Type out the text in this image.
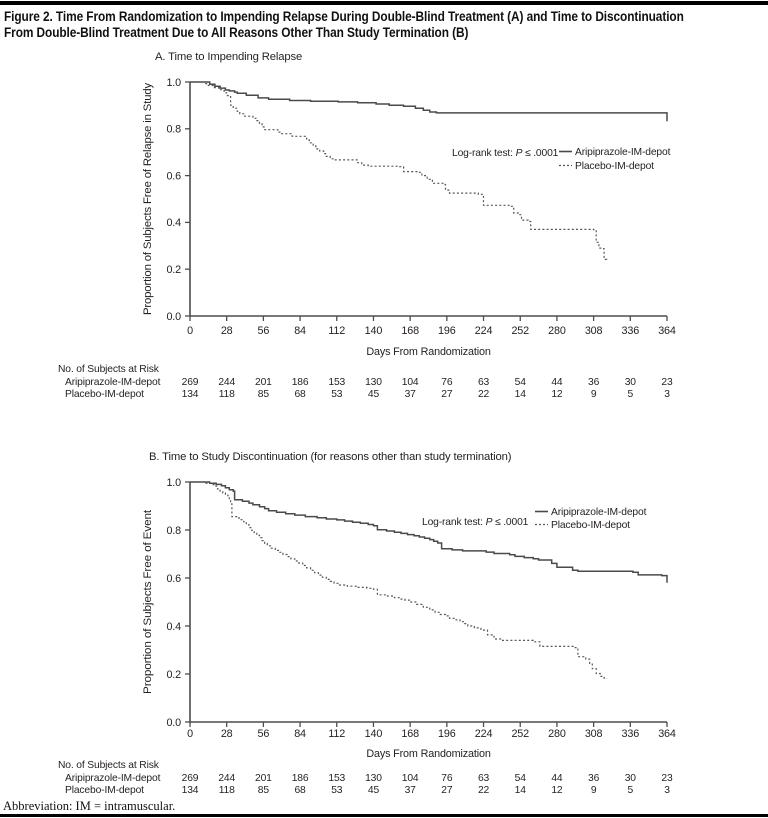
Figure 2. Time From Randomization to Impending Relapse During Double-Blind Treatment (A) and Time to Discontinuation
From Double-Blind Treatment Due to All Reasons Other Than Study Termination (B)
A. Time to Impending Relapse
0.0
0.2
0.4
0.6
0.8
1.0
0	28 56 84 112 140 168 196 224 252 280 308 336 364
Proportion of Subjects Free of Relapse in Study
Days From Randomization
Log-rank test: P ≤ .0001 Aripiprazole-IM-depot
Placebo-IM-depot
No. of Subjects at Risk
Aripiprazole-IM-depot 269 244 201 186 153 130 104 76 63 54 44 36 30 23
Placebo-IM-depot	134 118 85 68 53 45 37 27 22 14 12	9	5	3
B. Time to Study Discontinuation (for reasons other than study termination)
0.0
0.2
0.4
0.6
0.8
1.0
0	28 56 84 112 140 168 196 224 252 280 308 336 364
Proportion of Subjects Free of Event
Days From Randomization
Log-rank test: P ≤ .0001
Aripiprazole-IM-depot
Placebo-IM-depot
No. of Subjects at Risk
Aripiprazole-IM-depot 269 244 201 186 153 130 104 76 63 54 44 36 30 23
Placebo-IM-depot	134 118 85 68 53 45 37 27 22 14 12	9	5	3
Abbreviation: IM = intramuscular.
